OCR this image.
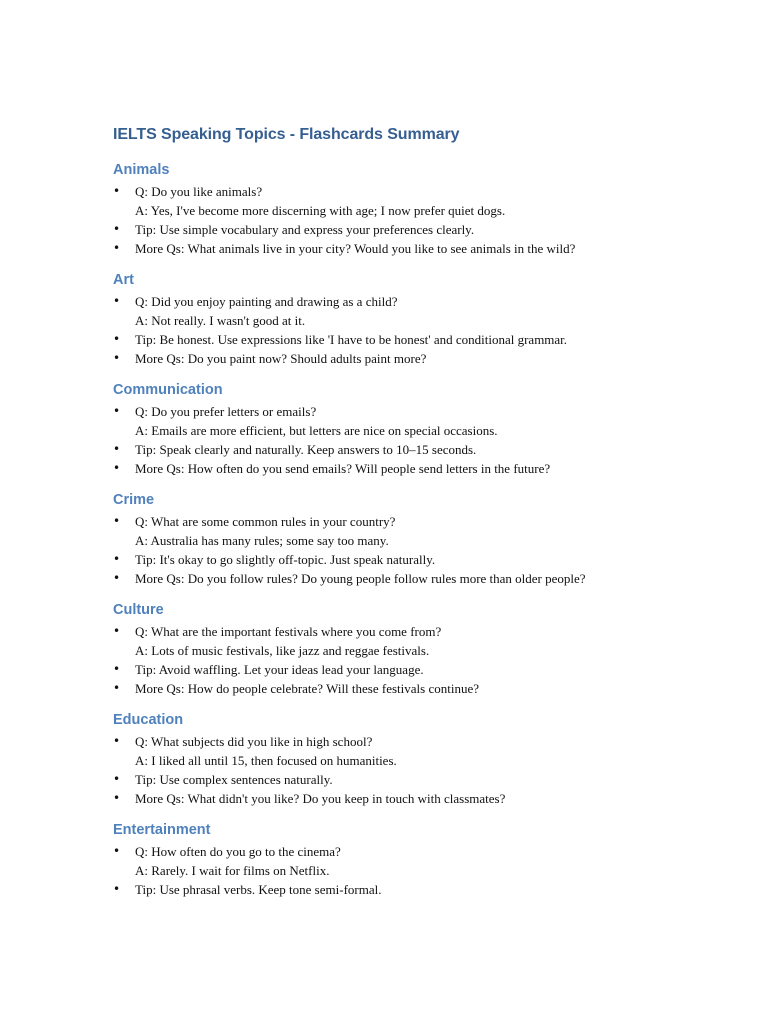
IELTS Speaking Topics - Flashcards Summary
Animals
• Q: Do you like animals?
A: Yes, I've become more discerning with age; I now prefer quiet dogs.
• Tip: Use simple vocabulary and express your preferences clearly.
• More Qs: What animals live in your city? Would you like to see animals in the wild?
Art
• Q: Did you enjoy painting and drawing as a child?
A: Not really. I wasn't good at it.
• Tip: Be honest. Use expressions like 'I have to be honest' and conditional grammar.
• More Qs: Do you paint now? Should adults paint more?
Communication
• Q: Do you prefer letters or emails?
A: Emails are more efficient, but letters are nice on special occasions.
• Tip: Speak clearly and naturally. Keep answers to 10–15 seconds.
• More Qs: How often do you send emails? Will people send letters in the future?
Crime
• Q: What are some common rules in your country?
A: Australia has many rules; some say too many.
• Tip: It's okay to go slightly off-topic. Just speak naturally.
• More Qs: Do you follow rules? Do young people follow rules more than older people?
Culture
• Q: What are the important festivals where you come from?
A: Lots of music festivals, like jazz and reggae festivals.
• Tip: Avoid waffling. Let your ideas lead your language.
• More Qs: How do people celebrate? Will these festivals continue?
Education
• Q: What subjects did you like in high school?
A: I liked all until 15, then focused on humanities.
• Tip: Use complex sentences naturally.
• More Qs: What didn't you like? Do you keep in touch with classmates?
Entertainment
• Q: How often do you go to the cinema?
A: Rarely. I wait for films on Netflix.
• Tip: Use phrasal verbs. Keep tone semi-formal.
